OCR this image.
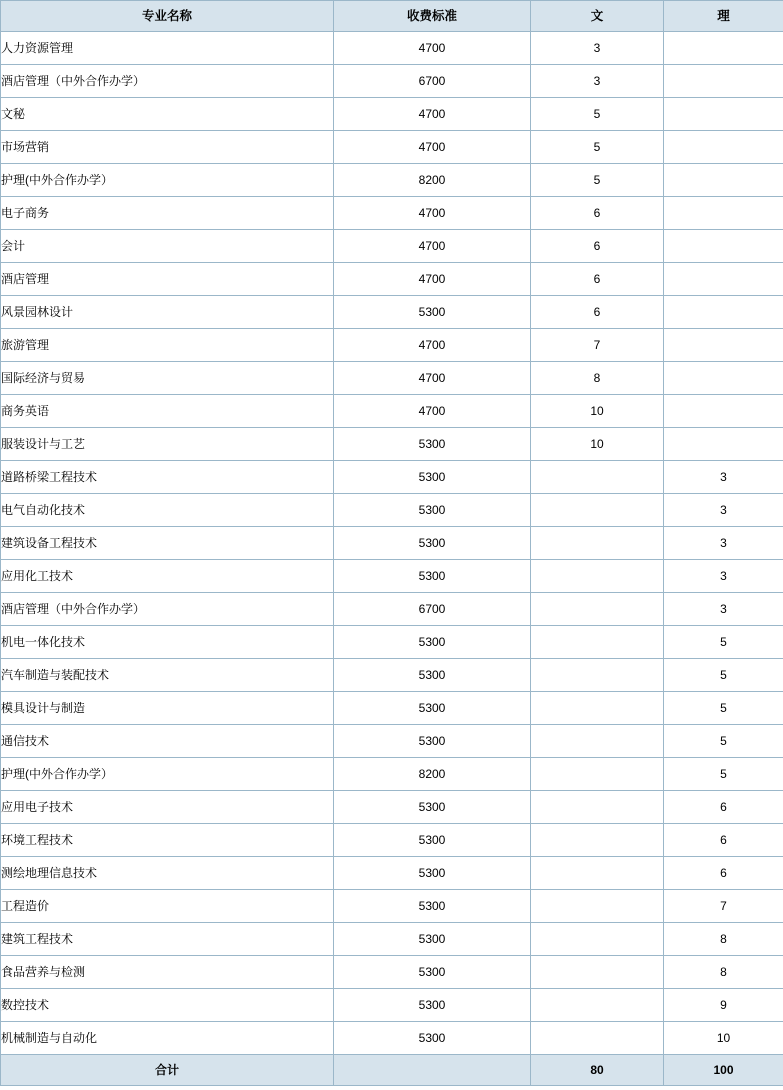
专业名称	收费标准	文	理
人力资源管理	4700	3	
酒店管理（中外合作办学）	6700	3	
文秘	4700	5	
市场营销	4700	5	
护理(中外合作办学）	8200	5	
电子商务	4700	6	
会计	4700	6	
酒店管理	4700	6	
风景园林设计	5300	6	
旅游管理	4700	7	
国际经济与贸易	4700	8	
商务英语	4700	10	
服装设计与工艺	5300	10	
道路桥梁工程技术	5300		3
电气自动化技术	5300		3
建筑设备工程技术	5300		3
应用化工技术	5300		3
酒店管理（中外合作办学）	6700		3
机电一体化技术	5300		5
汽车制造与装配技术	5300		5
模具设计与制造	5300		5
通信技术	5300		5
护理(中外合作办学）	8200		5
应用电子技术	5300		6
环境工程技术	5300		6
测绘地理信息技术	5300		6
工程造价	5300		7
建筑工程技术	5300		8
食品营养与检测	5300		8
数控技术	5300		9
机械制造与自动化	5300		10
合计		80	100
